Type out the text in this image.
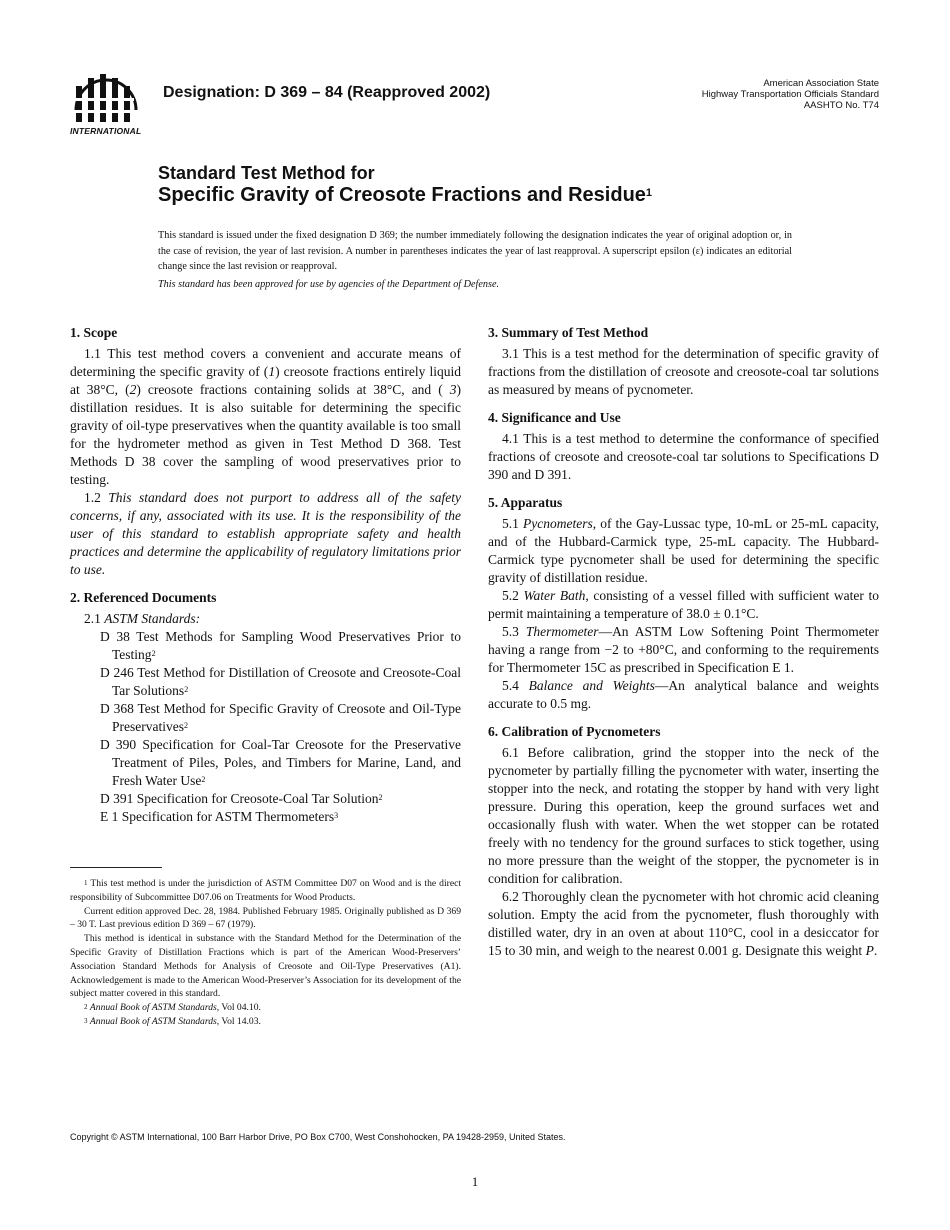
INTERNATIONAL
Designation: D 369 – 84 (Reapproved 2002)
American Association State
Highway Transportation Officials Standard
AASHTO No. T74
Standard Test Method for
Specific Gravity of Creosote Fractions and Residue$^1$
This standard is issued under the fixed designation D 369; the number immediately following the designation indicates the year of original adoption or, in the case of revision, the year of last revision. A number in parentheses indicates the year of last reapproval. A superscript epsilon (ε) indicates an editorial change since the last revision or reapproval.
This standard has been approved for use by agencies of the Department of Defense.
1. Scope

1.1 This test method covers a convenient and accurate means of determining the specific gravity of (1) creosote fractions entirely liquid at 38°C, (2) creosote fractions containing solids at 38°C, and ( 3) distillation residues. It is also suitable for determining the specific gravity of oil-type preservatives when the quantity available is too small for the hydrometer method as given in Test Method D 368. Test Methods D 38 cover the sampling of wood preservatives prior to testing.

1.2 This standard does not purport to address all of the safety concerns, if any, associated with its use. It is the responsibility of the user of this standard to establish appropriate safety and health practices and determine the applicability of regulatory limitations prior to use.

2. Referenced Documents
2.1 ASTM Standards:
D 38 Test Methods for Sampling Wood Preservatives Prior to Testing$^2$
D 246 Test Method for Distillation of Creosote and Creosote-Coal Tar Solutions$^2$
D 368 Test Method for Specific Gravity of Creosote and Oil-Type Preservatives$^2$
D 390 Specification for Coal-Tar Creosote for the Preservative Treatment of Piles, Poles, and Timbers for Marine, Land, and Fresh Water Use$^2$
D 391 Specification for Creosote-Coal Tar Solution$^2$
E 1 Specification for ASTM Thermometers$^3$

$^1$ This test method is under the jurisdiction of ASTM Committee D07 on Wood and is the direct responsibility of Subcommittee D07.06 on Treatments for Wood Products.

Current edition approved Dec. 28, 1984. Published February 1985. Originally published as D 369 – 30 T. Last previous edition D 369 – 67 (1979).

This method is identical in substance with the Standard Method for the Determination of the Specific Gravity of Distillation Fractions which is part of the American Wood-Preservers’ Association Standard Methods for Analysis of Creosote and Oil-Type Preservatives (A1). Acknowledgement is made to the American Wood-Preserver’s Association for its development of the subject matter covered in this standard.

$^2$ Annual Book of ASTM Standards, Vol 04.10.

$^3$ Annual Book of ASTM Standards, Vol 14.03.

3. Summary of Test Method

3.1 This is a test method for the determination of specific gravity of fractions from the distillation of creosote and creosote-coal tar solutions as measured by means of pycnometer.

4. Significance and Use

4.1 This is a test method to determine the conformance of specified fractions of creosote and creosote-coal tar solutions to Specifications D 390 and D 391.

5. Apparatus

5.1 Pycnometers, of the Gay-Lussac type, 10-mL or 25-mL capacity, and of the Hubbard-Carmick type, 25-mL capacity. The Hubbard-Carmick type pycnometer shall be used for determining the specific gravity of distillation residue.

5.2 Water Bath, consisting of a vessel filled with sufficient water to permit maintaining a temperature of 38.0 ± 0.1°C.

5.3 Thermometer—An ASTM Low Softening Point Thermometer having a range from −2 to +80°C, and conforming to the requirements for Thermometer 15C as prescribed in Specification E 1.

5.4 Balance and Weights—An analytical balance and weights accurate to 0.5 mg.

6. Calibration of Pycnometers

6.1 Before calibration, grind the stopper into the neck of the pycnometer by partially filling the pycnometer with water, inserting the stopper into the neck, and rotating the stopper by hand with very light pressure. During this operation, keep the ground surfaces wet and occasionally flush with water. When the wet stopper can be rotated freely with no tendency for the ground surfaces to stick together, using no more pressure than the weight of the stopper, the pycnometer is in condition for calibration.

6.2 Thoroughly clean the pycnometer with hot chromic acid cleaning solution. Empty the acid from the pycnometer, flush thoroughly with distilled water, dry in an oven at about 110°C, cool in a desiccator for 15 to 30 min, and weigh to the nearest 0.001 g. Designate this weight P.

Copyright © ASTM International, 100 Barr Harbor Drive, PO Box C700, West Conshohocken, PA 19428-2959, United States.
1
